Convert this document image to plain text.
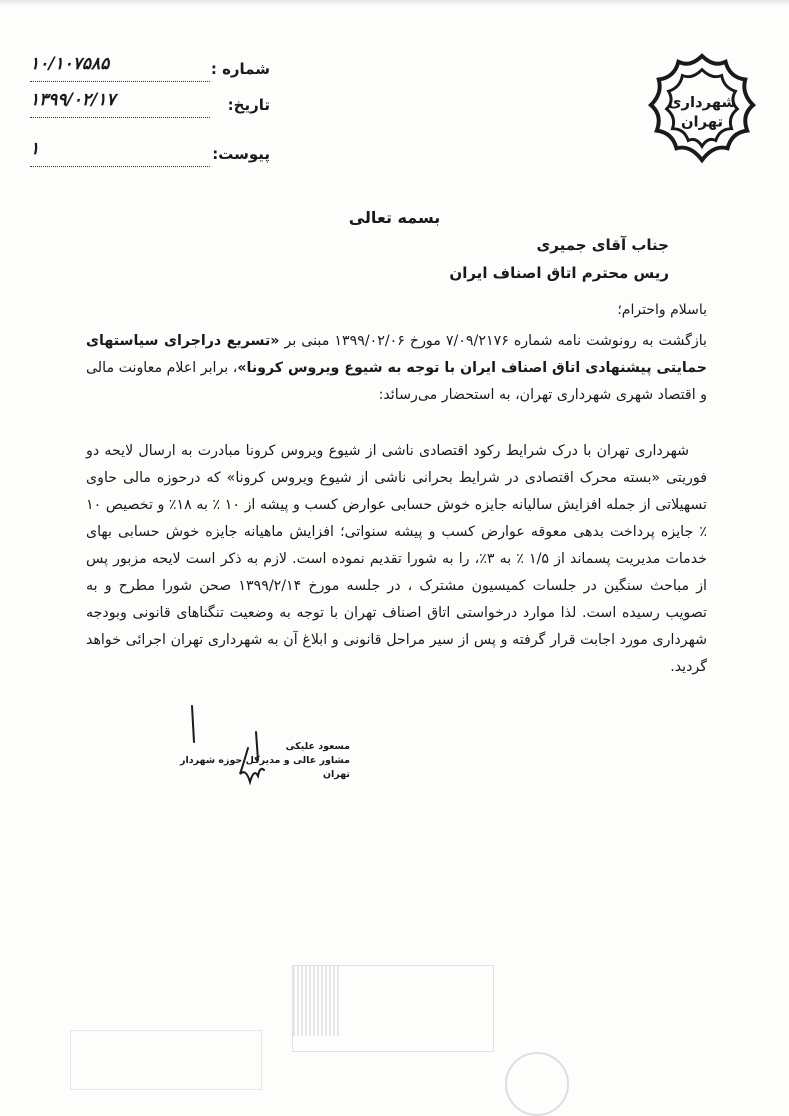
شهرداری
تهران
شماره :
۱۰/۱۰۷۵۸۵
تاریخ:
۱۳۹۹/۰۲/۱۷
پیوست:
۱
بسمه تعالی
جناب آقای جمیری
ریس محترم اتاق اصناف ایران
باسلام واحترام؛
بازگشت به رونوشت نامه شماره ۷/۰۹/۲۱۷۶ مورخ ۱۳۹۹/۰۲/۰۶ مبنی بر «تسریع دراجرای سیاستهای حمایتی پیشنهادی اتاق اصناف ایران با توجه به شیوع ویروس کرونا»، برابر اعلام معاونت مالی و اقتصاد شهری شهرداری تهران، به استحضار می‌رسائد:
شهرداری تهران با درک شرایط رکود اقتصادی ناشی از شیوع ویروس کرونا مبادرت به ارسال لایحه دو فوریتی «بسته محرک اقتصادی در شرایط بحرانی ناشی از شیوع ویروس کرونا» که درحوزه مالی حاوی تسهیلاتی از جمله افزایش سالیانه جایزه خوش حسابی عوارض کسب و پیشه از ۱۰ ٪ به ۱۸٪ و تخصیص ۱۰ ٪ جایزه پرداخت بدهی معوقه عوارض کسب و پیشه سنواتی؛ افزایش ماهیانه جایزه خوش حسابی بهای خدمات مدیریت پسماند از ۱/۵ ٪ به ۳٪، را به شورا تقدیم نموده است. لازم به ذکر است لایحه مزبور پس از مباحث سنگین در جلسات کمیسیون مشترک ، در جلسه مورخ ۱۳۹۹/۲/۱۴ صحن شورا مطرح و به تصویب رسیده است. لذا موارد درخواستی اتاق اصناف تهران با توجه به وضعیت تنگناهای قانونی وبودجه شهرداری مورد اجابت قرار گرفته و پس از سیر مراحل قانونی و ابلاغ آن به شهرداری تهران اجرائی خواهد گردید.
مسعود علیکی
مشاور عالی و مدیرکل حوزه شهردار تهران
